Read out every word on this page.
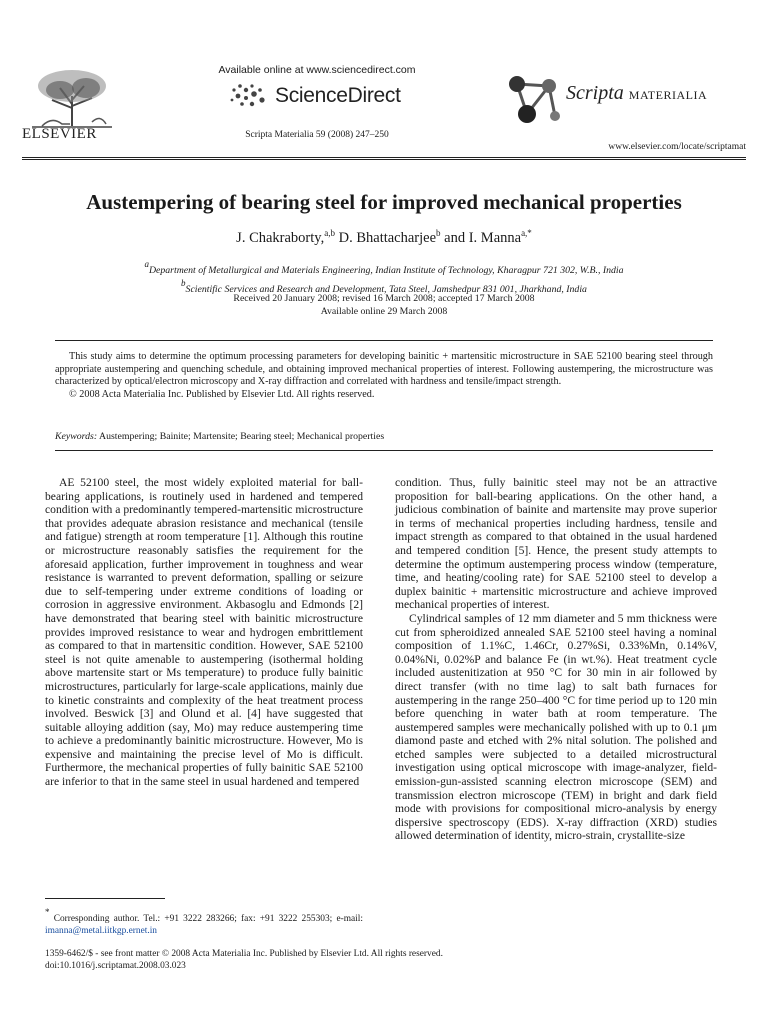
ELSEVIER
Available online at www.sciencedirect.com
ScienceDirect
Scripta Materialia 59 (2008) 247–250
Scripta MATERIALIA
www.elsevier.com/locate/scriptamat
Austempering of bearing steel for improved mechanical properties
J. Chakraborty,$^{a,b}$ D. Bhattacharjee$^b$ and I. Manna$^{a,*}$
aDepartment of Metallurgical and Materials Engineering, Indian Institute of Technology, Kharagpur 721 302, W.B., India
bScientific Services and Research and Development, Tata Steel, Jamshedpur 831 001, Jharkhand, India
Received 20 January 2008; revised 16 March 2008; accepted 17 March 2008
Available online 29 March 2008

This study aims to determine the optimum processing parameters for developing bainitic + martensitic microstructure in SAE 52100 bearing steel through appropriate austempering and quenching schedule, and obtaining improved mechanical properties of interest. Following austempering, the microstructure was characterized by optical/electron microscopy and X-ray diffraction and correlated with hardness and tensile/impact strength.

© 2008 Acta Materialia Inc. Published by Elsevier Ltd. All rights reserved.

Keywords: Austempering; Bainite; Martensite; Bearing steel; Mechanical properties

AE 52100 steel, the most widely exploited material for ball-bearing applications, is routinely used in hardened and tempered condition with a predominantly tempered-martensitic microstructure that provides adequate abrasion resistance and mechanical (tensile and fatigue) strength at room temperature [1]. Although this routine or microstructure reasonably satisfies the requirement for the aforesaid application, further improvement in toughness and wear resistance is warranted to prevent deformation, spalling or seizure due to self-tempering under extreme conditions of loading or corrosion in aggressive environment. Akbasoglu and Edmonds [2] have demonstrated that bearing steel with bainitic microstructure provides improved resistance to wear and hydrogen embrittlement as compared to that in martensitic condition. However, SAE 52100 steel is not quite amenable to austempering (isothermal holding above martensite start or Ms temperature) to produce fully bainitic microstructures, particularly for large-scale applications, mainly due to kinetic constraints and complexity of the heat treatment process involved. Beswick [3] and Olund et al. [4] have suggested that suitable alloying addition (say, Mo) may reduce austempering time to achieve a predominantly bainitic microstructure. However, Mo is expensive and maintaining the precise level of Mo is difficult. Furthermore, the mechanical properties of fully bainitic SAE 52100 are inferior to that in the same steel in usual hardened and tempered

condition. Thus, fully bainitic steel may not be an attractive proposition for ball-bearing applications. On the other hand, a judicious combination of bainite and martensite may prove superior in terms of mechanical properties including hardness, tensile and impact strength as compared to that obtained in the usual hardened and tempered condition [5]. Hence, the present study attempts to determine the optimum austempering process window (temperature, time, and heating/cooling rate) for SAE 52100 steel to develop a duplex bainitic + martensitic microstructure and achieve improved mechanical properties of interest.

Cylindrical samples of 12 mm diameter and 5 mm thickness were cut from spheroidized annealed SAE 52100 steel having a nominal composition of 1.1%C, 1.46Cr, 0.27%Si, 0.33%Mn, 0.14%V, 0.04%Ni, 0.02%P and balance Fe (in wt.%). Heat treatment cycle included austenitization at 950 °C for 30 min in air followed by direct transfer (with no time lag) to salt bath furnaces for austempering in the range 250–400 °C for time period up to 120 min before quenching in water bath at room temperature. The austempered samples were mechanically polished with up to 0.1 μm diamond paste and etched with 2% nital solution. The polished and etched samples were subjected to a detailed microstructural investigation using optical microscope with image-analyzer, field-emission-gun-assisted scanning electron microscope (SEM) and transmission electron microscope (TEM) in bright and dark field mode with provisions for compositional micro-analysis by energy dispersive spectroscopy (EDS). X-ray diffraction (XRD) studies allowed determination of identity, micro-strain, crystallite-size

* Corresponding author. Tel.: +91 3222 283266; fax: +91 3222 255303; e-mail: imanna@metal.iitkgp.ernet.in
1359-6462/$ - see front matter © 2008 Acta Materialia Inc. Published by Elsevier Ltd. All rights reserved.
doi:10.1016/j.scriptamat.2008.03.023
